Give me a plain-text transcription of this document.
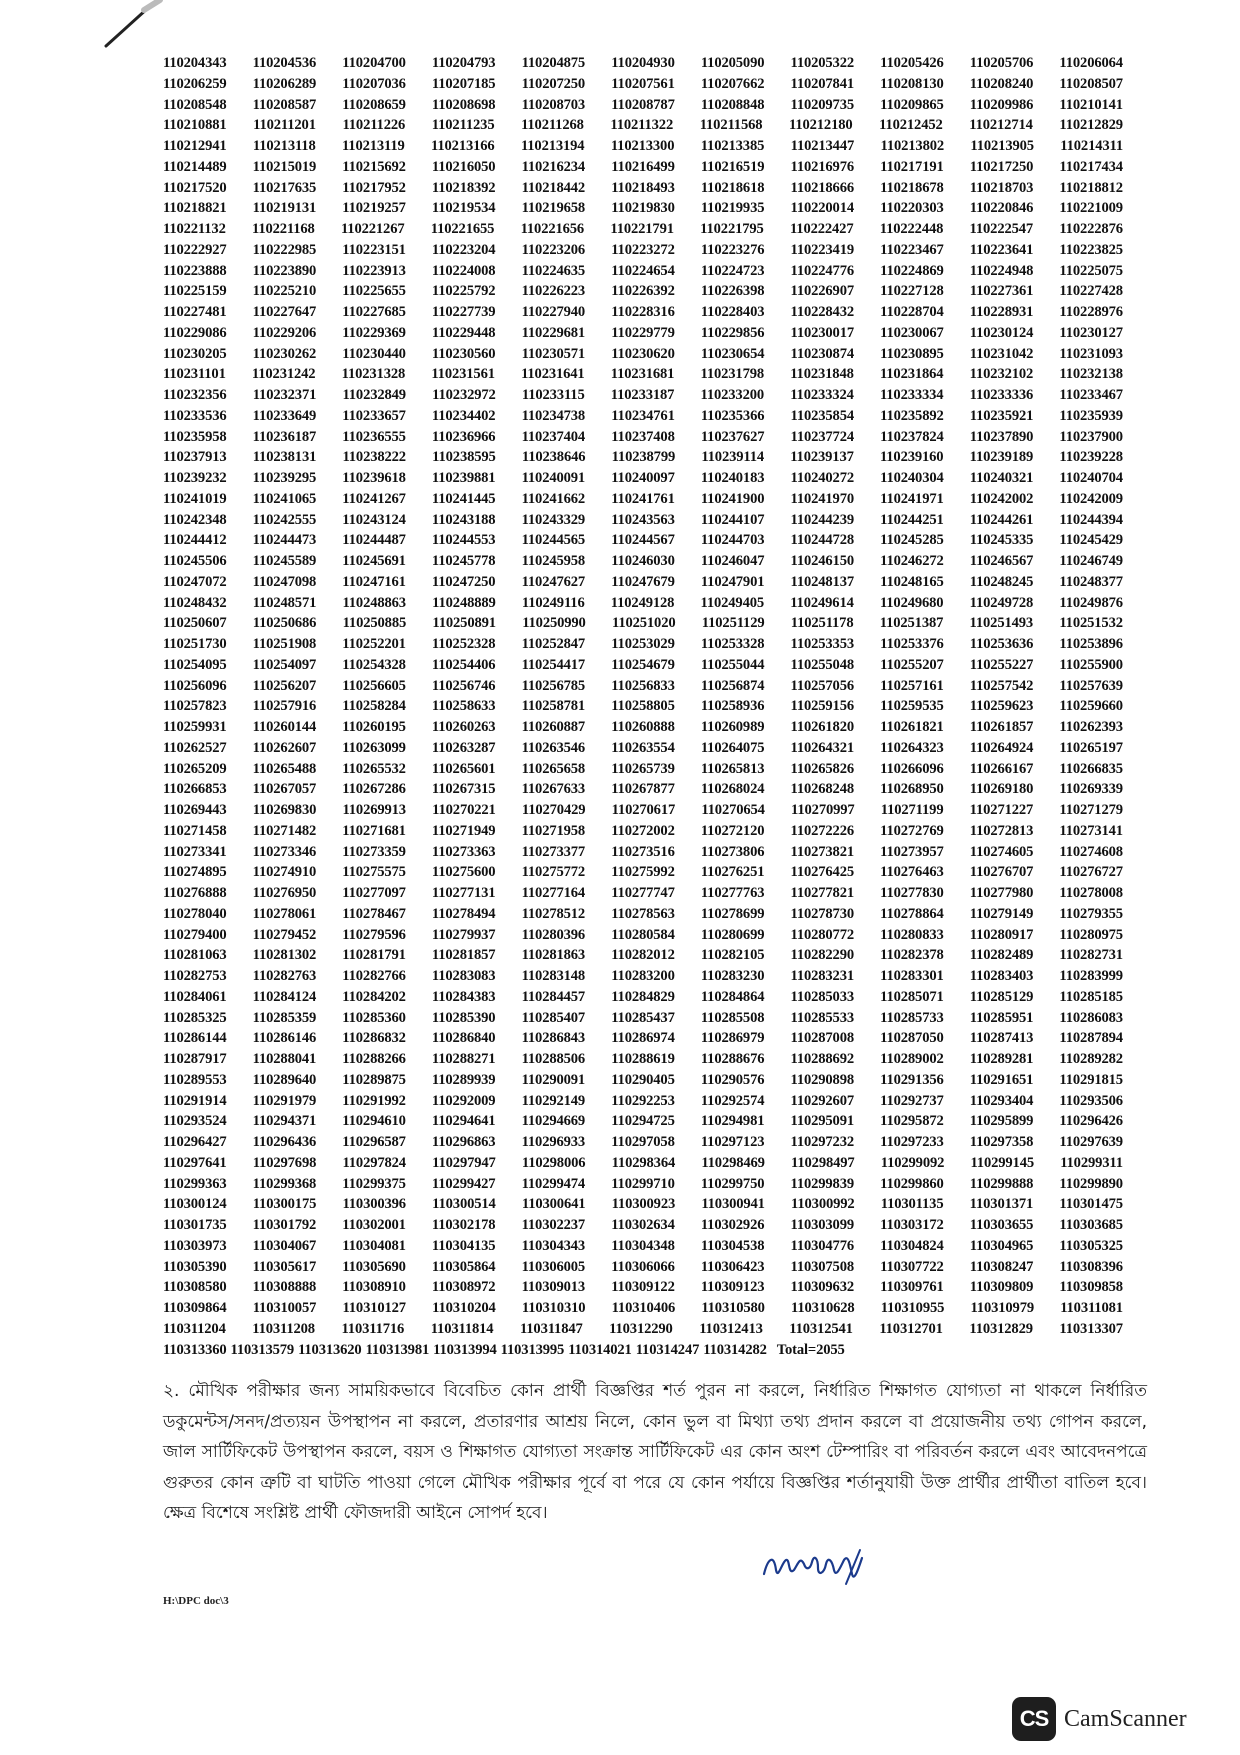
110204343 110204536 110204700 110204793 110204875 110204930 110205090 110205322 110205426 110205706 110206064
110206259 110206289 110207036 110207185 110207250 110207561 110207662 110207841 110208130 110208240 110208507
110208548 110208587 110208659 110208698 110208703 110208787 110208848 110209735 110209865 110209986 110210141
110210881 110211201 110211226 110211235 110211268 110211322 110211568 110212180 110212452 110212714 110212829
110212941 110213118 110213119 110213166 110213194 110213300 110213385 110213447 110213802 110213905 110214311
110214489 110215019 110215692 110216050 110216234 110216499 110216519 110216976 110217191 110217250 110217434
110217520 110217635 110217952 110218392 110218442 110218493 110218618 110218666 110218678 110218703 110218812
110218821 110219131 110219257 110219534 110219658 110219830 110219935 110220014 110220303 110220846 110221009
110221132 110221168 110221267 110221655 110221656 110221791 110221795 110222427 110222448 110222547 110222876
110222927 110222985 110223151 110223204 110223206 110223272 110223276 110223419 110223467 110223641 110223825
110223888 110223890 110223913 110224008 110224635 110224654 110224723 110224776 110224869 110224948 110225075
110225159 110225210 110225655 110225792 110226223 110226392 110226398 110226907 110227128 110227361 110227428
110227481 110227647 110227685 110227739 110227940 110228316 110228403 110228432 110228704 110228931 110228976
110229086 110229206 110229369 110229448 110229681 110229779 110229856 110230017 110230067 110230124 110230127
110230205 110230262 110230440 110230560 110230571 110230620 110230654 110230874 110230895 110231042 110231093
110231101 110231242 110231328 110231561 110231641 110231681 110231798 110231848 110231864 110232102 110232138
110232356 110232371 110232849 110232972 110233115 110233187 110233200 110233324 110233334 110233336 110233467
110233536 110233649 110233657 110234402 110234738 110234761 110235366 110235854 110235892 110235921 110235939
110235958 110236187 110236555 110236966 110237404 110237408 110237627 110237724 110237824 110237890 110237900
110237913 110238131 110238222 110238595 110238646 110238799 110239114 110239137 110239160 110239189 110239228
110239232 110239295 110239618 110239881 110240091 110240097 110240183 110240272 110240304 110240321 110240704
110241019 110241065 110241267 110241445 110241662 110241761 110241900 110241970 110241971 110242002 110242009
110242348 110242555 110243124 110243188 110243329 110243563 110244107 110244239 110244251 110244261 110244394
110244412 110244473 110244487 110244553 110244565 110244567 110244703 110244728 110245285 110245335 110245429
110245506 110245589 110245691 110245778 110245958 110246030 110246047 110246150 110246272 110246567 110246749
110247072 110247098 110247161 110247250 110247627 110247679 110247901 110248137 110248165 110248245 110248377
110248432 110248571 110248863 110248889 110249116 110249128 110249405 110249614 110249680 110249728 110249876
110250607 110250686 110250885 110250891 110250990 110251020 110251129 110251178 110251387 110251493 110251532
110251730 110251908 110252201 110252328 110252847 110253029 110253328 110253353 110253376 110253636 110253896
110254095 110254097 110254328 110254406 110254417 110254679 110255044 110255048 110255207 110255227 110255900
110256096 110256207 110256605 110256746 110256785 110256833 110256874 110257056 110257161 110257542 110257639
110257823 110257916 110258284 110258633 110258781 110258805 110258936 110259156 110259535 110259623 110259660
110259931 110260144 110260195 110260263 110260887 110260888 110260989 110261820 110261821 110261857 110262393
110262527 110262607 110263099 110263287 110263546 110263554 110264075 110264321 110264323 110264924 110265197
110265209 110265488 110265532 110265601 110265658 110265739 110265813 110265826 110266096 110266167 110266835
110266853 110267057 110267286 110267315 110267633 110267877 110268024 110268248 110268950 110269180 110269339
110269443 110269830 110269913 110270221 110270429 110270617 110270654 110270997 110271199 110271227 110271279
110271458 110271482 110271681 110271949 110271958 110272002 110272120 110272226 110272769 110272813 110273141
110273341 110273346 110273359 110273363 110273377 110273516 110273806 110273821 110273957 110274605 110274608
110274895 110274910 110275575 110275600 110275772 110275992 110276251 110276425 110276463 110276707 110276727
110276888 110276950 110277097 110277131 110277164 110277747 110277763 110277821 110277830 110277980 110278008
110278040 110278061 110278467 110278494 110278512 110278563 110278699 110278730 110278864 110279149 110279355
110279400 110279452 110279596 110279937 110280396 110280584 110280699 110280772 110280833 110280917 110280975
110281063 110281302 110281791 110281857 110281863 110282012 110282105 110282290 110282378 110282489 110282731
110282753 110282763 110282766 110283083 110283148 110283200 110283230 110283231 110283301 110283403 110283999
110284061 110284124 110284202 110284383 110284457 110284829 110284864 110285033 110285071 110285129 110285185
110285325 110285359 110285360 110285390 110285407 110285437 110285508 110285533 110285733 110285951 110286083
110286144 110286146 110286832 110286840 110286843 110286974 110286979 110287008 110287050 110287413 110287894
110287917 110288041 110288266 110288271 110288506 110288619 110288676 110288692 110289002 110289281 110289282
110289553 110289640 110289875 110289939 110290091 110290405 110290576 110290898 110291356 110291651 110291815
110291914 110291979 110291992 110292009 110292149 110292253 110292574 110292607 110292737 110293404 110293506
110293524 110294371 110294610 110294641 110294669 110294725 110294981 110295091 110295872 110295899 110296426
110296427 110296436 110296587 110296863 110296933 110297058 110297123 110297232 110297233 110297358 110297639
110297641 110297698 110297824 110297947 110298006 110298364 110298469 110298497 110299092 110299145 110299311
110299363 110299368 110299375 110299427 110299474 110299710 110299750 110299839 110299860 110299888 110299890
110300124 110300175 110300396 110300514 110300641 110300923 110300941 110300992 110301135 110301371 110301475
110301735 110301792 110302001 110302178 110302237 110302634 110302926 110303099 110303172 110303655 110303685
110303973 110304067 110304081 110304135 110304343 110304348 110304538 110304776 110304824 110304965 110305325
110305390 110305617 110305690 110305864 110306005 110306066 110306423 110307508 110307722 110308247 110308396
110308580 110308888 110308910 110308972 110309013 110309122 110309123 110309632 110309761 110309809 110309858
110309864 110310057 110310127 110310204 110310310 110310406 110310580 110310628 110310955 110310979 110311081
110311204 110311208 110311716 110311814 110311847 110312290 110312413 110312541 110312701 110312829 110313307
110313360 110313579 110313620 110313981 110313994 110313995 110314021 110314247 110314282 Total=2055
২. মৌখিক পরীক্ষার জন্য সাময়িকভাবে বিবেচিত কোন প্রার্থী বিজ্ঞপ্তির শর্ত পুরন না করলে, নির্ধারিত শিক্ষাগত যোগ্যতা না থাকলে নির্ধারিত ডকুমেন্টস/সনদ/প্রত্যয়ন উপস্থাপন না করলে, প্রতারণার আশ্রয় নিলে, কোন ভুল বা মিথ্যা তথ্য প্রদান করলে বা প্রয়োজনীয় তথ্য গোপন করলে, জাল সার্টিফিকেট উপস্থাপন করলে, বয়স ও শিক্ষাগত যোগ্যতা সংক্রান্ত সার্টিফিকেট এর কোন অংশ টেম্পারিং বা পরিবর্তন করলে এবং আবেদনপত্রে গুরুতর কোন ত্রুটি বা ঘাটতি পাওয়া গেলে মৌখিক পরীক্ষার পূর্বে বা পরে যে কোন পর্যায়ে বিজ্ঞপ্তির শর্তানুযায়ী উক্ত প্রার্থীর প্রার্থীতা বাতিল হবে। ক্ষেত্র বিশেষে সংশ্লিষ্ট প্রার্থী ফৌজদারী আইনে সোপর্দ হবে।
H:\DPC doc\3
CS CamScanner
